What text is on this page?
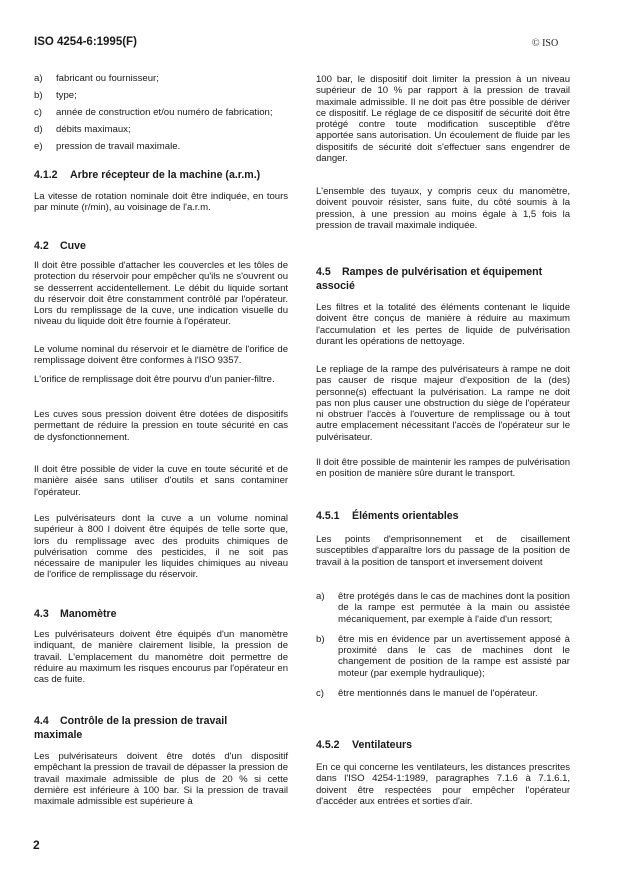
ISO 4254-6:1995(F)	© ISO
a)	fabricant ou fournisseur;
b)	type;
c)	année de construction et/ou numéro de fabrication;
d)	débits maximaux;
e)	pression de travail maximale.
4.1.2 Arbre récepteur de la machine (a.r.m.)
La vitesse de rotation nominale doit être indiquée, en tours par minute (r/min), au voisinage de l'a.r.m.
4.2 Cuve
Il doit être possible d'attacher les couvercles et les tôles de protection du réservoir pour empêcher qu'ils ne s'ouvrent ou se desserrent accidentellement. Le débit du liquide sortant du réservoir doit être constamment contrôlé par l'opérateur. Lors du remplissage de la cuve, une indication visuelle du niveau du liquide doit être fournie à l'opérateur.
Le volume nominal du réservoir et le diamètre de l'orifice de remplissage doivent être conformes à l'ISO 9357.
L'orifice de remplissage doit être pourvu d'un panier-filtre.
Les cuves sous pression doivent être dotées de dispositifs permettant de réduire la pression en toute sécurité en cas de dysfonctionnement.
Il doit être possible de vider la cuve en toute sécurité et de manière aisée sans utiliser d'outils et sans contaminer l'opérateur.
Les pulvérisateurs dont la cuve a un volume nominal supérieur à 800 l doivent être équipés de telle sorte que, lors du remplissage avec des produits chimiques de pulvérisation comme des pesticides, il ne soit pas nécessaire de manipuler les liquides chimiques au niveau de l'orifice de remplissage du réservoir.
4.3 Manomètre
Les pulvérisateurs doivent être équipés d'un manomètre indiquant, de manière clairement lisible, la pression de travail. L'emplacement du manomètre doit permettre de réduire au maximum les risques encourus par l'opérateur en cas de fuite.
4.4 Contrôle de la pression de travail maximale
Les pulvérisateurs doivent être dotés d'un dispositif empêchant la pression de travail de dépasser la pression de travail maximale admissible de plus de 20 % si cette dernière est inférieure à 100 bar. Si la pression de travail maximale admissible est supérieure à
2
100 bar, le dispositif doit limiter la pression à un niveau supérieur de 10 % par rapport à la pression de travail maximale admissible. Il ne doit pas être possible de dériver ce dispositif. Le réglage de ce dispositif de sécurité doit être protégé contre toute modification susceptible d'être apportée sans autorisation. Un écoulement de fluide par les dispositifs de sécurité doit s'effectuer sans engendrer de danger.
L'ensemble des tuyaux, y compris ceux du manomètre, doivent pouvoir résister, sans fuite, du côté soumis à la pression, à une pression au moins égale à 1,5 fois la pression de travail maximale indiquée.
4.5 Rampes de pulvérisation et équipement associé
Les filtres et la totalité des éléments contenant le liquide doivent être conçus de manière à réduire au maximum l'accumulation et les pertes de liquide de pulvérisation durant les opérations de nettoyage.
Le repliage de la rampe des pulvérisateurs à rampe ne doit pas causer de risque majeur d'exposition de la (des) personne(s) effectuant la pulvérisation. La rampe ne doit pas non plus causer une obstruction du siège de l'opérateur ni obstruer l'accès à l'ouverture de remplissage ou à tout autre emplacement nécessitant l'accès de l'opérateur sur le pulvérisateur.
Il doit être possible de maintenir les rampes de pulvérisation en position de manière sûre durant le transport.
4.5.1 Éléments orientables
Les points d'emprisonnement et de cisaillement susceptibles d'apparaître lors du passage de la position de travail à la position de tansport et inversement doivent
a)	être protégés dans le cas de machines dont la position de la rampe est permutée à la main ou assistée mécaniquement, par exemple à l'aide d'un ressort;
b)	être mis en évidence par un avertissement apposé à proximité dans le cas de machines dont le changement de position de la rampe est assisté par moteur (par exemple hydraulique);
c)	être mentionnés dans le manuel de l'opérateur.
4.5.2 Ventilateurs
En ce qui concerne les ventilateurs, les distances prescrites dans l'ISO 4254-1:1989, paragraphes 7.1.6 à 7.1.6.1, doivent être respectées pour empêcher l'opérateur d'accéder aux entrées et sorties d'air.
